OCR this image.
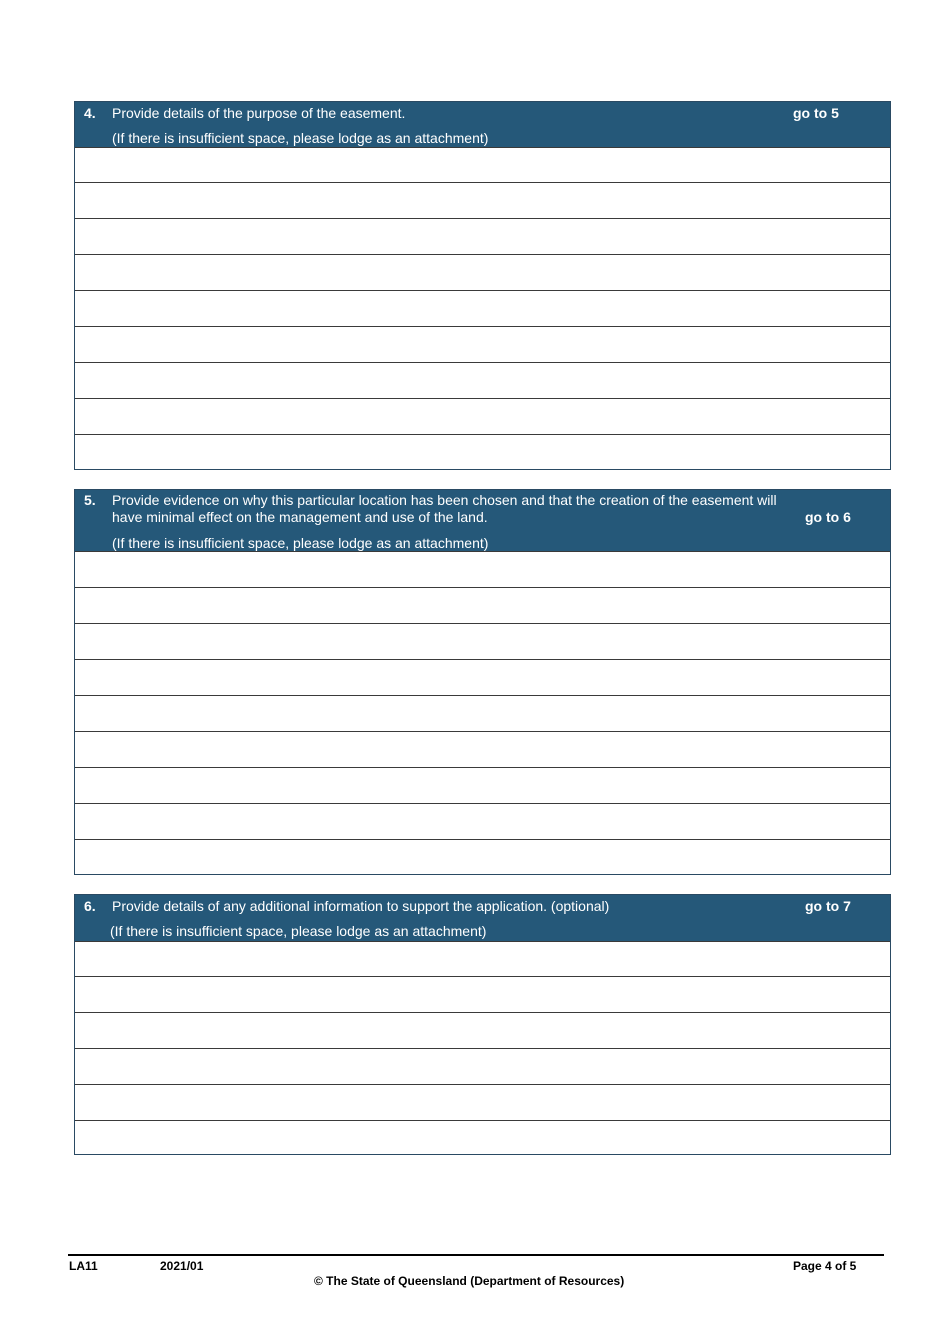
4. Provide details of the purpose of the easement.	go to 5
(If there is insufficient space, please lodge as an attachment)
5. Provide evidence on why this particular location has been chosen and that the creation of the easement will
have minimal effect on the management and use of the land.	go to 6
(If there is insufficient space, please lodge as an attachment)
6. Provide details of any additional information to support the application. (optional)	go to 7
(If there is insufficient space, please lodge as an attachment)
LA11	2021/01	Page 4 of 5
© The State of Queensland (Department of Resources)
